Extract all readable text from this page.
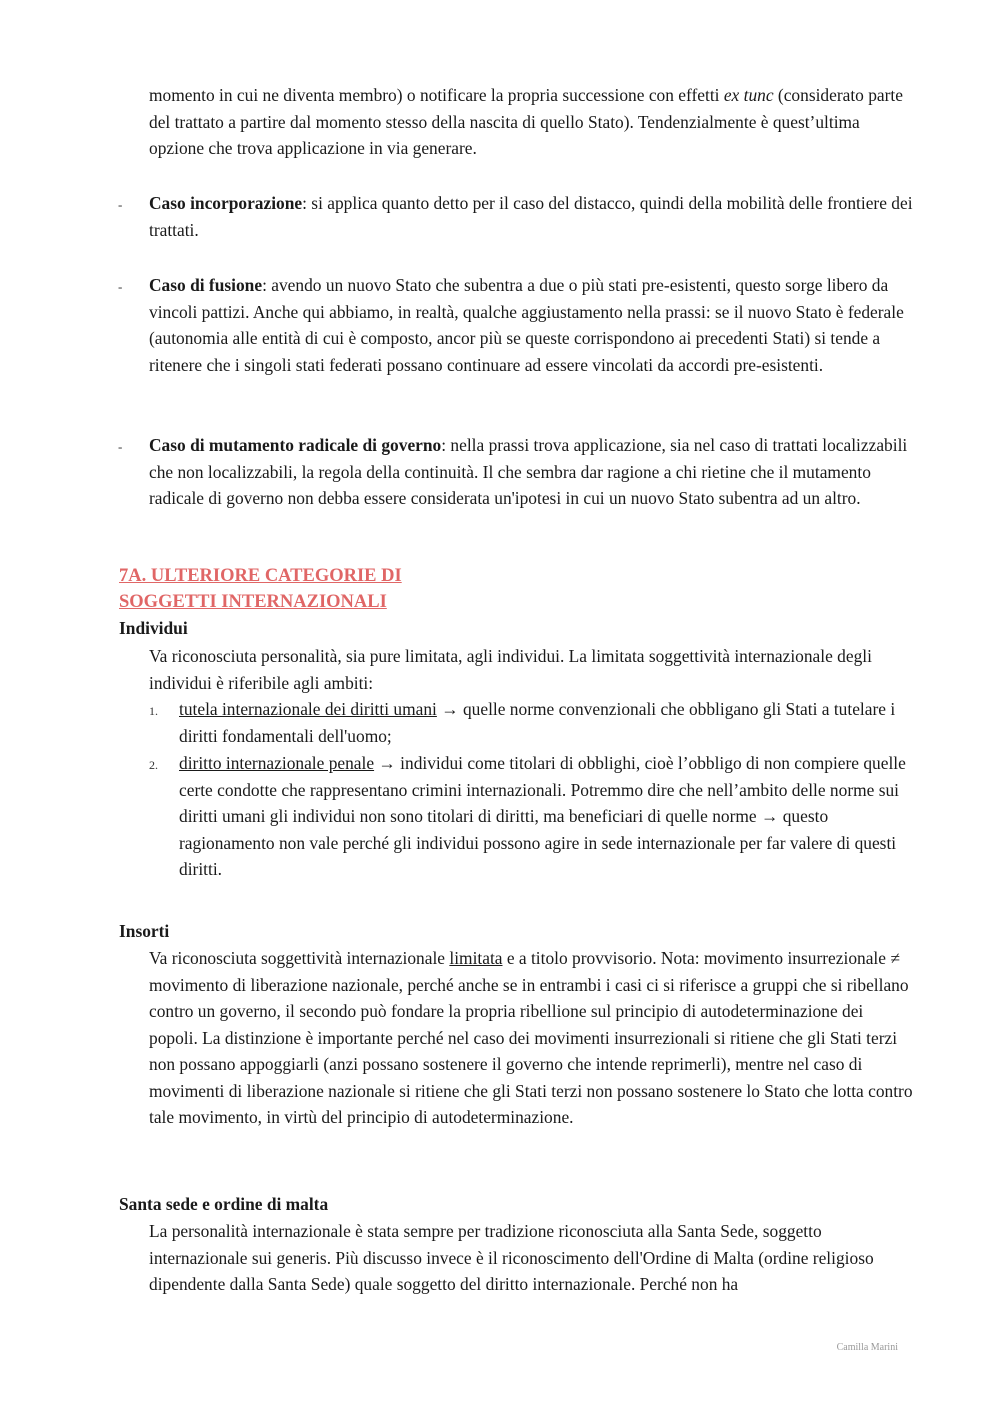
momento in cui ne diventa membro) o notificare la propria successione con effetti ex tunc (considerato parte del trattato a partire dal momento stesso della nascita di quello Stato). Tendenzialmente è quest’ultima opzione che trova applicazione in via generare.

- Caso incorporazione: si applica quanto detto per il caso del distacco, quindi della mobilità delle frontiere dei trattati.

- Caso di fusione: avendo un nuovo Stato che subentra a due o più stati pre-esistenti, questo sorge libero da vincoli pattizi. Anche qui abbiamo, in realtà, qualche aggiustamento nella prassi: se il nuovo Stato è federale (autonomia alle entità di cui è composto, ancor più se queste corrispondono ai precedenti Stati) si tende a ritenere che i singoli stati federati possano continuare ad essere vincolati da accordi pre-esistenti.

- Caso di mutamento radicale di governo: nella prassi trova applicazione, sia nel caso di trattati localizzabili che non localizzabili, la regola della continuità. Il che sembra dar ragione a chi rietine che il mutamento radicale di governo non debba essere considerata un'ipotesi in cui un nuovo Stato subentra ad un altro.

7A. ULTERIORE CATEGORIE DI

SOGGETTI INTERNAZIONALI

Individui

Va riconosciuta personalità, sia pure limitata, agli individui. La limitata soggettività internazionale degli individui è riferibile agli ambiti:

1. tutela internazionale dei diritti umani → quelle norme convenzionali che obbligano gli Stati a tutelare i diritti fondamentali dell'uomo;

2. diritto internazionale penale → individui come titolari di obblighi, cioè l’obbligo di non compiere quelle certe condotte che rappresentano crimini internazionali. Potremmo dire che nell’ambito delle norme sui diritti umani gli individui non sono titolari di diritti, ma beneficiari di quelle norme → questo ragionamento non vale perché gli individui possono agire in sede internazionale per far valere di questi diritti.

Insorti

Va riconosciuta soggettività internazionale limitata e a titolo provvisorio. Nota: movimento insurrezionale ≠ movimento di liberazione nazionale, perché anche se in entrambi i casi ci si riferisce a gruppi che si ribellano contro un governo, il secondo può fondare la propria ribellione sul principio di autodeterminazione dei popoli. La distinzione è importante perché nel caso dei movimenti insurrezionali si ritiene che gli Stati terzi non possano appoggiarli (anzi possano sostenere il governo che intende reprimerli), mentre nel caso di movimenti di liberazione nazionale si ritiene che gli Stati terzi non possano sostenere lo Stato che lotta contro tale movimento, in virtù del principio di autodeterminazione.

Santa sede e ordine di malta

La personalità internazionale è stata sempre per tradizione riconosciuta alla Santa Sede, soggetto internazionale sui generis. Più discusso invece è il riconoscimento dell'Ordine di Malta (ordine religioso dipendente dalla Santa Sede) quale soggetto del diritto internazionale. Perché non ha

Camilla Marini
